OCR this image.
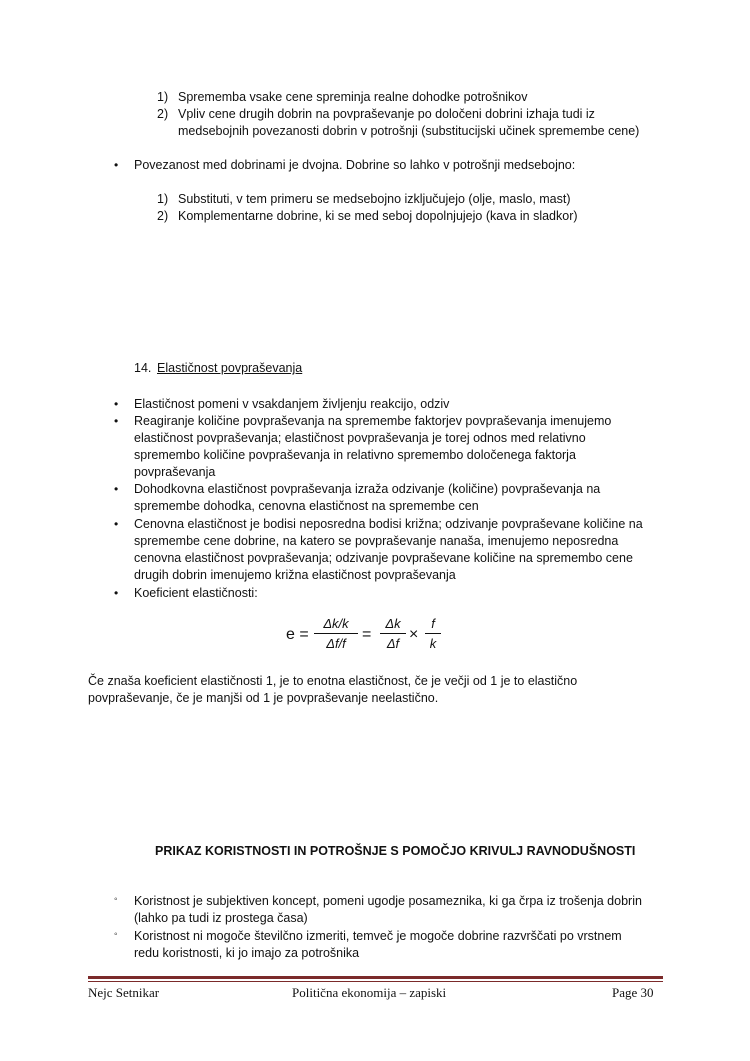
1) Sprememba vsake cene spreminja realne dohodke potrošnikov
2) Vpliv cene drugih dobrin na povpraševanje po določeni dobrini izhaja tudi iz
medsebojnih povezanosti dobrin v potrošnji (substitucijski učinek spremembe cene)
• Povezanost med dobrinami je dvojna. Dobrine so lahko v potrošnji medsebojno:
1) Substituti, v tem primeru se medsebojno izključujejo (olje, maslo, mast)
2) Komplementarne dobrine, ki se med seboj dopolnjujejo (kava in sladkor)
14. Elastičnost povpraševanja
• Elastičnost pomeni v vsakdanjem življenju reakcijo, odziv
• Reagiranje količine povpraševanja na spremembe faktorjev povpraševanja imenujemo
elastičnost povpraševanja; elastičnost povpraševanja je torej odnos med relativno
spremembo količine povpraševanja in relativno spremembo določenega faktorja
povpraševanja
• Dohodkovna elastičnost povpraševanja izraža odzivanje (količine) povpraševanja na
spremembe dohodka, cenovna elastičnost na spremembe cen
• Cenovna elastičnost je bodisi neposredna bodisi križna; odzivanje povpraševane količine na
spremembe cene dobrine, na katero se povpraševanje nanaša, imenujemo neposredna
cenovna elastičnost povpraševanja; odzivanje povpraševane količine na spremembo cene
drugih dobrin imenujemo križna elastičnost povpraševanja
• Koeficient elastičnosti:
$e = \frac{\Delta k/k}{\Delta f/f} = \frac{\Delta k}{\Delta f} \times \frac{f}{k}$
Če znaša koeficient elastičnosti 1, je to enotna elastičnost, če je večji od 1 je to elastično
povpraševanje, če je manjši od 1 je povpraševanje neelastično.
PRIKAZ KORISTNOSTI IN POTROŠNJE S POMOČJO KRIVULJ RAVNODUŠNOSTI
◦ Koristnost je subjektiven koncept, pomeni ugodje posameznika, ki ga črpa iz trošenja dobrin
(lahko pa tudi iz prostega časa)
◦ Koristnost ni mogoče številčno izmeriti, temveč je mogoče dobrine razvrščati po vrstnem
redu koristnosti, ki jo imajo za potrošnika
Nejc Setnikar	Politična ekonomija – zapiski	Page 30
